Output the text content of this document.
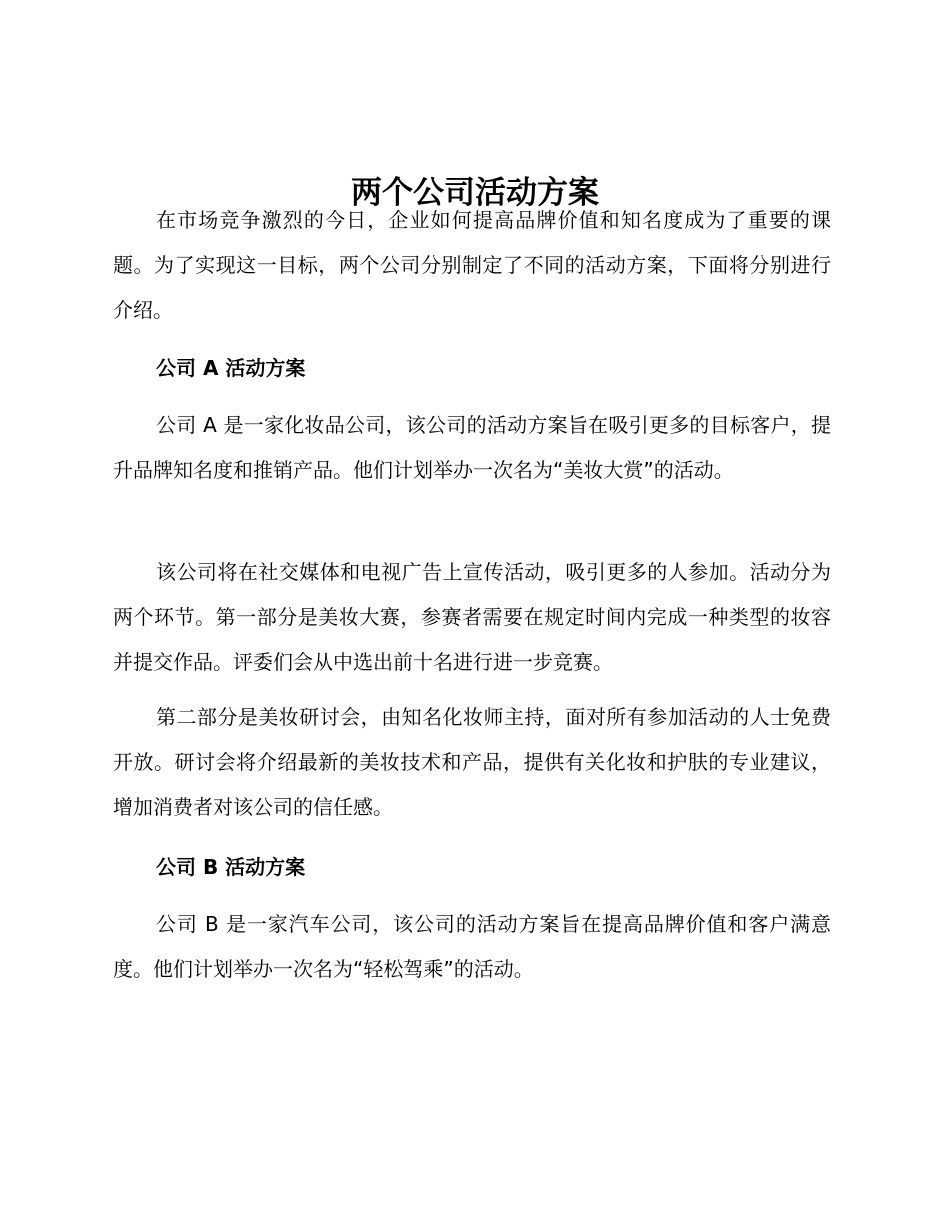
两个公司活动方案

在市场竞争激烈的今日，企业如何提高品牌价值和知名度成为了重要的课题。为了实现这一目标，两个公司分别制定了不同的活动方案，下面将分别进行介绍。

公司 A 活动方案

公司 A 是一家化妆品公司，该公司的活动方案旨在吸引更多的目标客户，提升品牌知名度和推销产品。他们计划举办一次名为“美妆大赏”的活动。

该公司将在社交媒体和电视广告上宣传活动，吸引更多的人参加。活动分为两个环节。第一部分是美妆大赛，参赛者需要在规定时间内完成一种类型的妆容并提交作品。评委们会从中选出前十名进行进一步竞赛。

第二部分是美妆研讨会，由知名化妆师主持，面对所有参加活动的人士免费开放。研讨会将介绍最新的美妆技术和产品，提供有关化妆和护肤的专业建议，增加消费者对该公司的信任感。

公司 B 活动方案

公司 B 是一家汽车公司，该公司的活动方案旨在提高品牌价值和客户满意度。他们计划举办一次名为“轻松驾乘”的活动。
